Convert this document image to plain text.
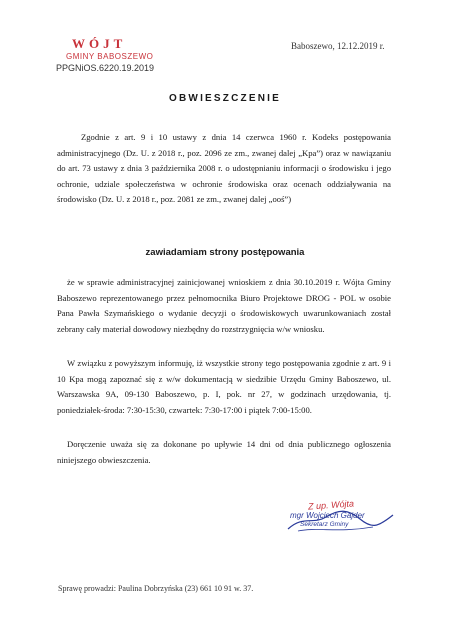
WÓJT
GMINY BABOSZEWO
PPGNiOS.6220.19.2019
Baboszewo, 12.12.2019 r.
OBWIESZCZENIE
Zgodnie z art. 9 i 10 ustawy z dnia 14 czerwca 1960 r. Kodeks postępowania administracyjnego (Dz. U. z 2018 r., poz. 2096 ze zm., zwanej dalej „Kpa”) oraz w nawiązaniu do art. 73 ustawy z dnia 3 października 2008 r. o udostępnianiu informacji o środowisku i jego ochronie, udziale społeczeństwa w ochronie środowiska oraz ocenach oddziaływania na środowisko (Dz. U. z 2018 r., poz. 2081 ze zm., zwanej dalej „ooś”)
zawiadamiam strony postępowania
że w sprawie administracyjnej zainicjowanej wnioskiem z dnia 30.10.2019 r. Wójta Gminy Baboszewo reprezentowanego przez pełnomocnika Biuro Projektowe DROG - POL w osobie Pana Pawła Szymańskiego o wydanie decyzji o środowiskowych uwarunkowaniach został zebrany cały materiał dowodowy niezbędny do rozstrzygnięcia w/w wniosku.
W związku z powyższym informuję, iż wszystkie strony tego postępowania zgodnie z art. 9 i 10 Kpa mogą zapoznać się z w/w dokumentacją w siedzibie Urzędu Gminy Baboszewo, ul. Warszawska 9A, 09-130 Baboszewo, p. I, pok. nr 27, w godzinach urzędowania, tj. poniedziałek-środa: 7:30-15:30, czwartek: 7:30-17:00 i piątek 7:00-15:00.
Doręczenie uważa się za dokonane po upływie 14 dni od dnia publicznego ogłoszenia niniejszego obwieszczenia.
Z up. Wójta
mgr Wojciech Gajder
Sekretarz Gminy
Sprawę prowadzi: Paulina Dobrzyńska (23) 661 10 91 w. 37.
